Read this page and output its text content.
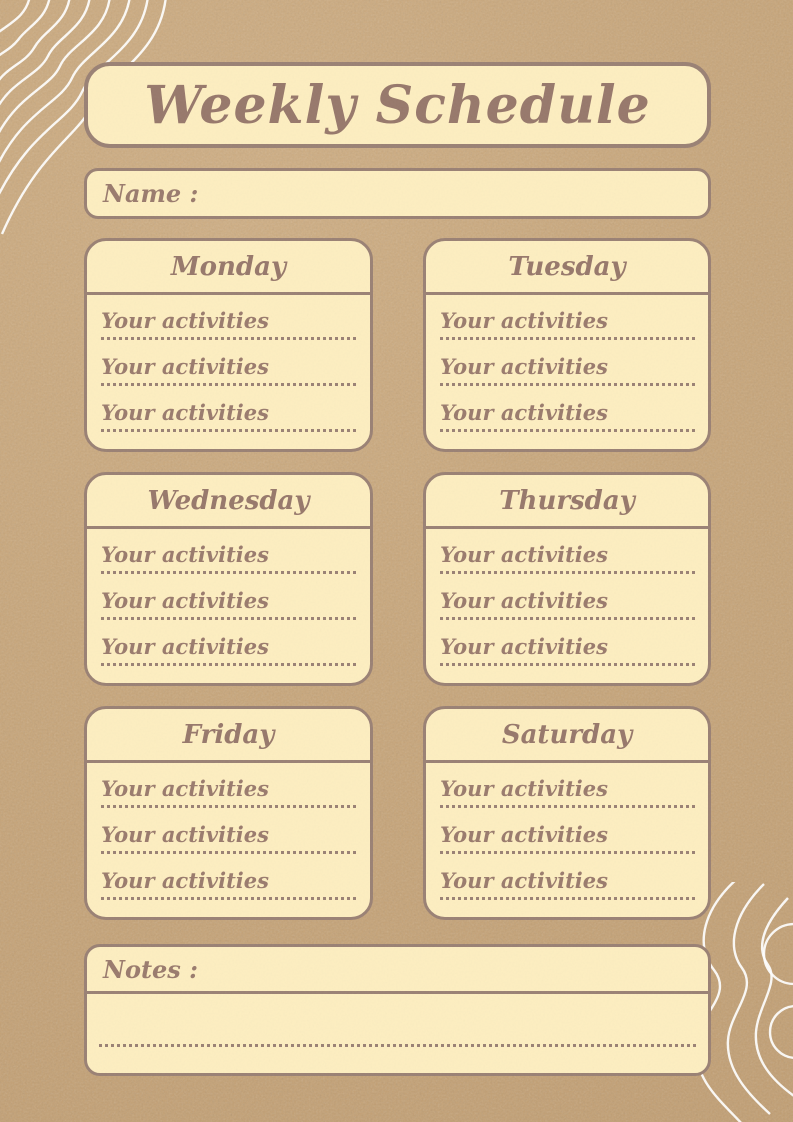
Weekly Schedule
Name :
Monday
Your activities
Your activities
Your activities
Tuesday
Your activities
Your activities
Your activities
Wednesday
Your activities
Your activities
Your activities
Thursday
Your activities
Your activities
Your activities
Friday
Your activities
Your activities
Your activities
Saturday
Your activities
Your activities
Your activities
Notes :
